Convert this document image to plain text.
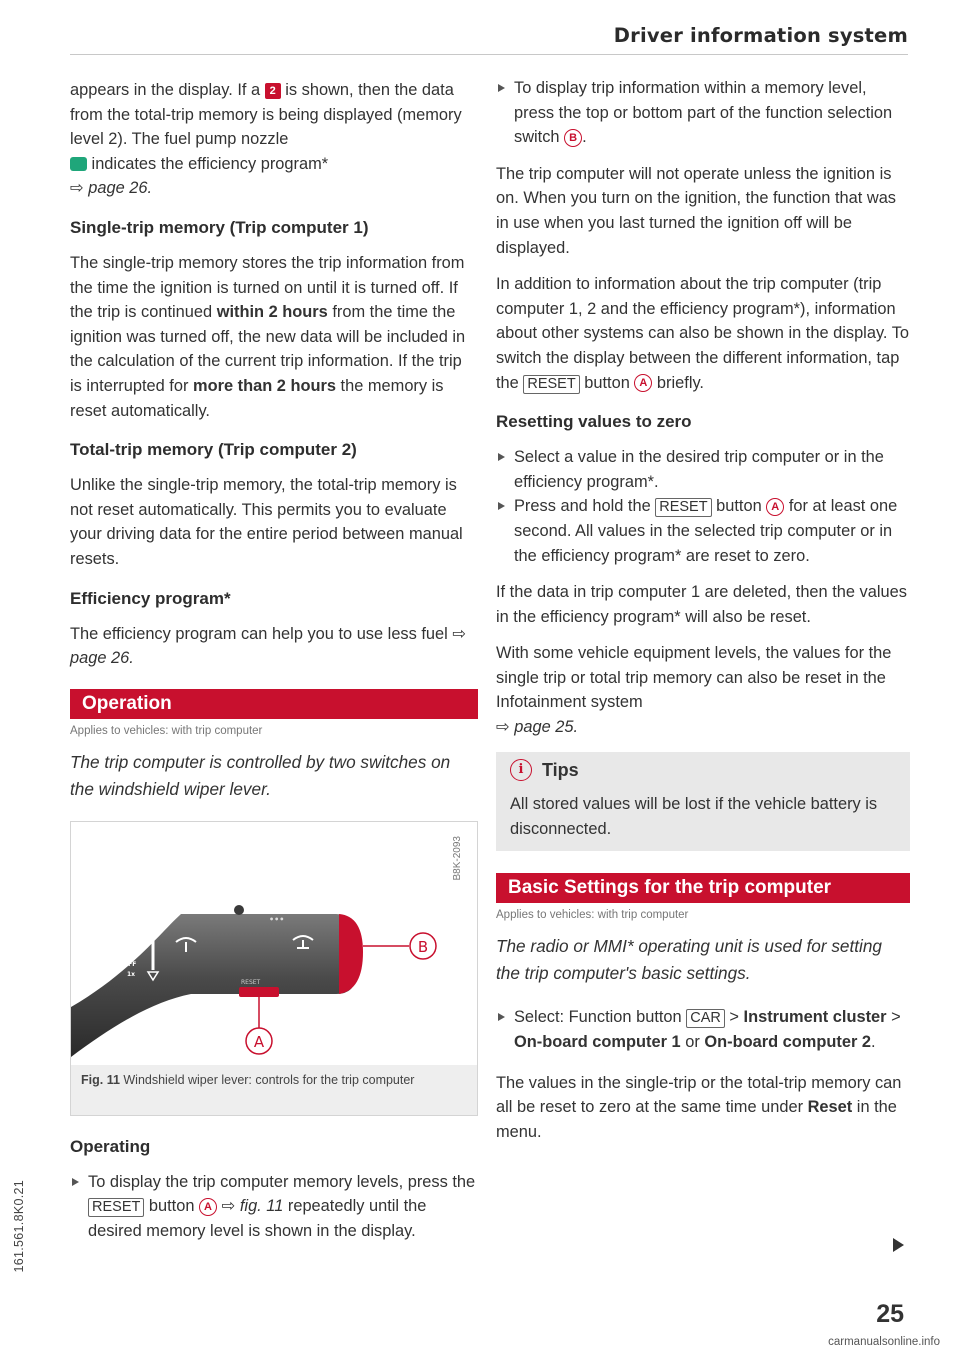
Driver information system

appears in the display. If a 2 is shown, then the data from the total-trip memory is being displayed (memory level 2). The fuel pump nozzle
indicates the efficiency program*
⇨ page 26.

Single-trip memory (Trip computer 1)

The single-trip memory stores the trip information from the time the ignition is turned on until it is turned off. If the trip is continued within 2 hours from the time the ignition was turned off, the new data will be included in the calculation of the current trip information. If the trip is interrupted for more than 2 hours the memory is reset automatically.

Total-trip memory (Trip computer 2)

Unlike the single-trip memory, the total-trip memory is not reset automatically. This permits you to evaluate your driving data for the entire period between manual resets.

Efficiency program*

The efficiency program can help you to use less fuel ⇨ page 26.

Operation
Applies to vehicles: with trip computer
The trip computer is controlled by two switches on the windshield wiper lever.
RESET
HIGH
LOW
•••
OFF
1x
•••
B
A
B8K-2093
Fig. 11 Windshield wiper lever: controls for the trip computer
Operating

To display the trip computer memory levels, press the RESET button A ⇨ fig. 11 repeatedly until the desired memory level is shown in the display.

To display trip information within a memory level, press the top or bottom part of the function selection switch B .

The trip computer will not operate unless the ignition is on. When you turn on the ignition, the function that was in use when you last turned the ignition off will be displayed.

In addition to information about the trip computer (trip computer 1, 2 and the efficiency program*), information about other systems can also be shown in the display. To switch the display between the different information, tap the RESET button A briefly.

Resetting values to zero

Select a value in the desired trip computer or in the efficiency program*.

Press and hold the RESET button A for at least one second. All values in the selected trip computer or in the efficiency program* are reset to zero.

If the data in trip computer 1 are deleted, then the values in the efficiency program* will also be reset.

With some vehicle equipment levels, the values for the single trip or total trip memory can also be reset in the Infotainment system
⇨ page 25.

i	Tips

All stored values will be lost if the vehicle battery is disconnected.

Basic Settings for the trip computer
Applies to vehicles: with trip computer
The radio or MMI* operating unit is used for setting the trip computer's basic settings.

Select: Function button CAR > Instrument cluster > On-board computer 1 or On-board computer 2.

The values in the single-trip or the total-trip memory can all be reset to zero at the same time under Reset in the menu.

161.561.8K0.21
25
carmanualsonline.info
